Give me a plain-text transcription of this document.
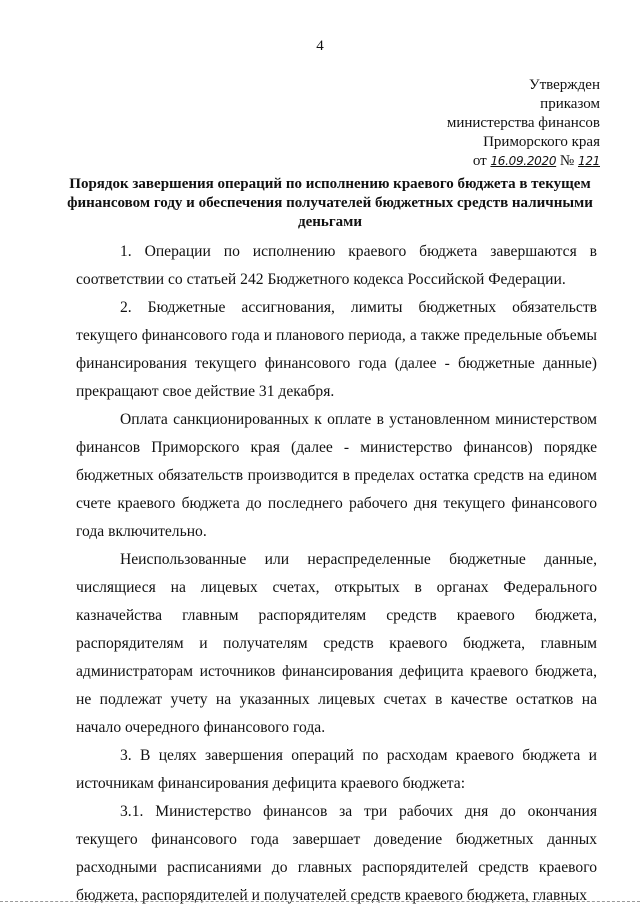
4
Утвержден
приказом
министерства финансов
Приморского края
от 16.09.2020 № 121
Порядок завершения операций по исполнению краевого бюджета в текущем финансовом году и обеспечения получателей бюджетных средств наличными деньгами

1. Операции по исполнению краевого бюджета завершаются в соответствии со статьей 242 Бюджетного кодекса Российской Федерации.

2. Бюджетные ассигнования, лимиты бюджетных обязательств текущего финансового года и планового периода, а также предельные объемы финансирования текущего финансового года (далее - бюджетные данные) прекращают свое действие 31 декабря.

Оплата санкционированных к оплате в установленном министерством финансов Приморского края (далее - министерство финансов) порядке бюджетных обязательств производится в пределах остатка средств на едином счете краевого бюджета до последнего рабочего дня текущего финансового года включительно.

Неиспользованные или нераспределенные бюджетные данные, числящиеся на лицевых счетах, открытых в органах Федерального казначейства главным распорядителям средств краевого бюджета, распорядителям и получателям средств краевого бюджета, главным администраторам источников финансирования дефицита краевого бюджета, не подлежат учету на указанных лицевых счетах в качестве остатков на начало очередного финансового года.

3. В целях завершения операций по расходам краевого бюджета и источникам финансирования дефицита краевого бюджета:

3.1. Министерство финансов за три рабочих дня до окончания текущего финансового года завершает доведение бюджетных данных расходными расписаниями до главных распорядителей средств краевого бюджета, распорядителей и получателей средств краевого бюджета, главных
